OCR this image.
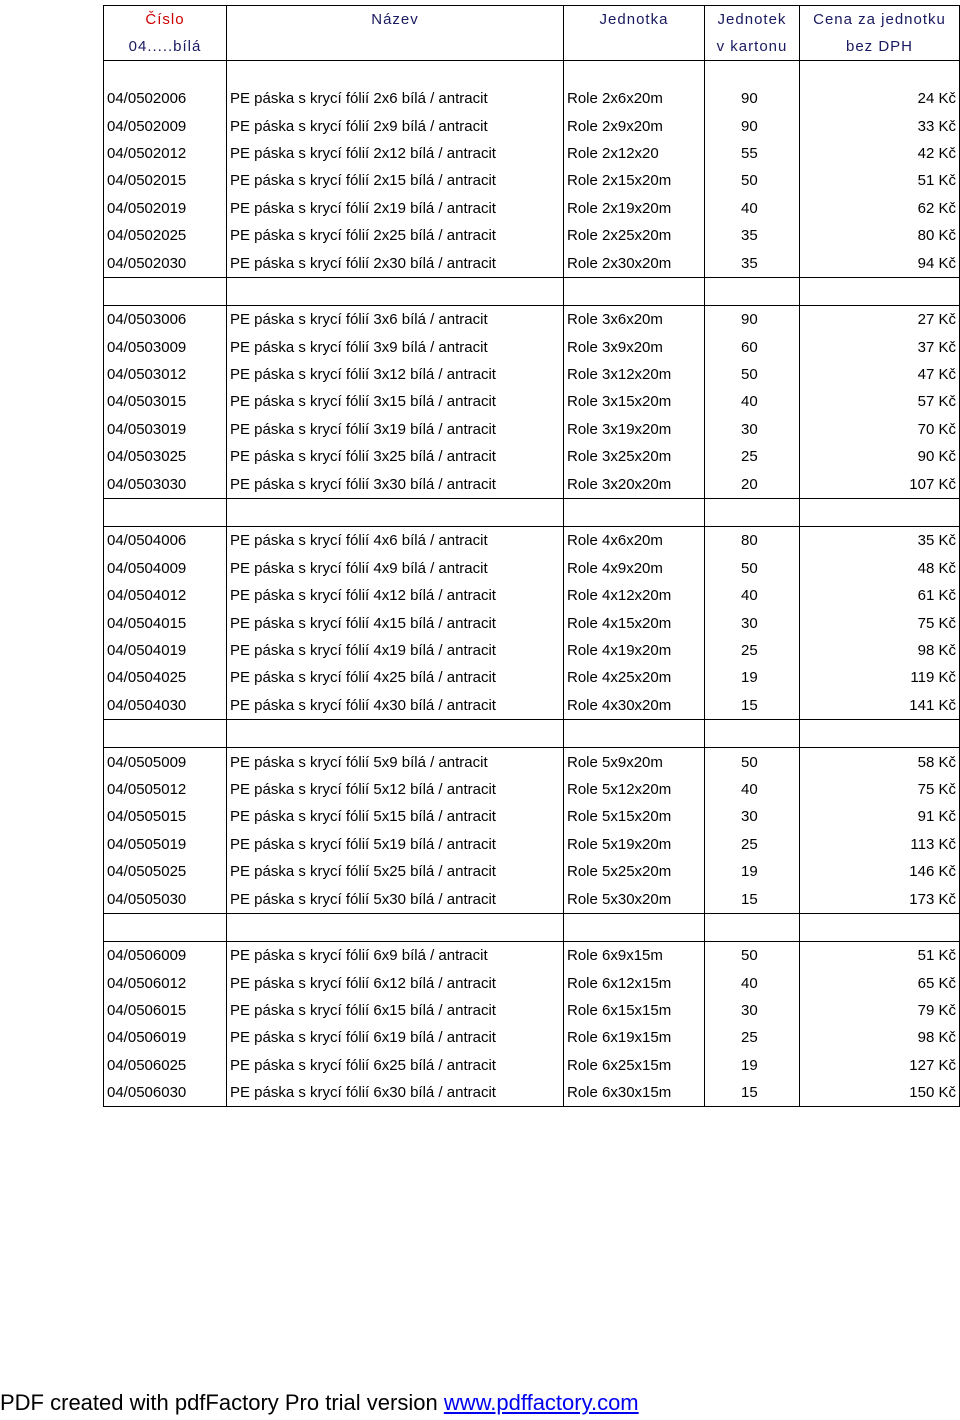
Číslo	Název	Jednotka	Jednotek	Cena za jednotku
04.....bílá			v kartonu	bez DPH

04/0502006	PE páska s krycí fólií 2x6 bílá / antracit	Role 2x6x20m	90	24 Kč
04/0502009	PE páska s krycí fólií 2x9 bílá / antracit	Role 2x9x20m	90	33 Kč
04/0502012	PE páska s krycí fólií 2x12 bílá / antracit	Role 2x12x20	55	42 Kč
04/0502015	PE páska s krycí fólií 2x15 bílá / antracit	Role 2x15x20m	50	51 Kč
04/0502019	PE páska s krycí fólií 2x19 bílá / antracit	Role 2x19x20m	40	62 Kč
04/0502025	PE páska s krycí fólií 2x25 bílá / antracit	Role 2x25x20m	35	80 Kč
04/0502030	PE páska s krycí fólií 2x30 bílá / antracit	Role 2x30x20m	35	94 Kč

04/0503006	PE páska s krycí fólií 3x6 bílá / antracit	Role 3x6x20m	90	27 Kč
04/0503009	PE páska s krycí fólií 3x9 bílá / antracit	Role 3x9x20m	60	37 Kč
04/0503012	PE páska s krycí fólií 3x12 bílá / antracit	Role 3x12x20m	50	47 Kč
04/0503015	PE páska s krycí fólií 3x15 bílá / antracit	Role 3x15x20m	40	57 Kč
04/0503019	PE páska s krycí fólií 3x19 bílá / antracit	Role 3x19x20m	30	70 Kč
04/0503025	PE páska s krycí fólií 3x25 bílá / antracit	Role 3x25x20m	25	90 Kč
04/0503030	PE páska s krycí fólií 3x30 bílá / antracit	Role 3x20x20m	20	107 Kč

04/0504006	PE páska s krycí fólií 4x6 bílá / antracit	Role 4x6x20m	80	35 Kč
04/0504009	PE páska s krycí fólií 4x9 bílá / antracit	Role 4x9x20m	50	48 Kč
04/0504012	PE páska s krycí fólií 4x12 bílá / antracit	Role 4x12x20m	40	61 Kč
04/0504015	PE páska s krycí fólií 4x15 bílá / antracit	Role 4x15x20m	30	75 Kč
04/0504019	PE páska s krycí fólií 4x19 bílá / antracit	Role 4x19x20m	25	98 Kč
04/0504025	PE páska s krycí fólií 4x25 bílá / antracit	Role 4x25x20m	19	119 Kč
04/0504030	PE páska s krycí fólií 4x30 bílá / antracit	Role 4x30x20m	15	141 Kč

04/0505009	PE páska s krycí fólií 5x9 bílá / antracit	Role 5x9x20m	50	58 Kč
04/0505012	PE páska s krycí fólií 5x12 bílá / antracit	Role 5x12x20m	40	75 Kč
04/0505015	PE páska s krycí fólií 5x15 bílá / antracit	Role 5x15x20m	30	91 Kč
04/0505019	PE páska s krycí fólií 5x19 bílá / antracit	Role 5x19x20m	25	113 Kč
04/0505025	PE páska s krycí fólií 5x25 bílá / antracit	Role 5x25x20m	19	146 Kč
04/0505030	PE páska s krycí fólií 5x30 bílá / antracit	Role 5x30x20m	15	173 Kč

04/0506009	PE páska s krycí fólií 6x9 bílá / antracit	Role 6x9x15m	50	51 Kč
04/0506012	PE páska s krycí fólií 6x12 bílá / antracit	Role 6x12x15m	40	65 Kč
04/0506015	PE páska s krycí fólií 6x15 bílá / antracit	Role 6x15x15m	30	79 Kč
04/0506019	PE páska s krycí fólií 6x19 bílá / antracit	Role 6x19x15m	25	98 Kč
04/0506025	PE páska s krycí fólií 6x25 bílá / antracit	Role 6x25x15m	19	127 Kč
04/0506030	PE páska s krycí fólií 6x30 bílá / antracit	Role 6x30x15m	15	150 Kč
PDF created with pdfFactory Pro trial version www.pdffactory.com
